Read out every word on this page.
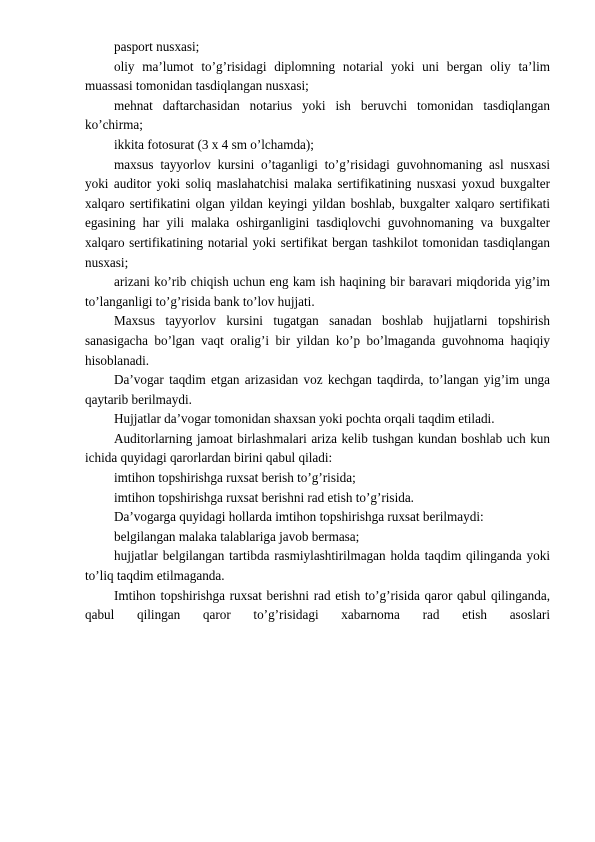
pasport nusxasi;

oliy ma’lumot to’g’risidagi diplomning notarial yoki uni bergan oliy ta’lim muassasi tomonidan tasdiqlangan nusxasi;

mehnat daftarchasidan notarius yoki ish beruvchi tomonidan tasdiqlangan ko’chirma;

ikkita fotosurat (3 x 4 sm o’lchamda);

maxsus tayyorlov kursini o’taganligi to’g’risidagi guvohnomaning asl nusxasi yoki auditor yoki soliq maslahatchisi malaka sertifikatining nusxasi yoxud buxgalter xalqaro sertifikatini olgan yildan keyingi yildan boshlab, buxgalter xalqaro sertifikati egasining har yili malaka oshirganligini tasdiqlovchi guvohnomaning va buxgalter xalqaro sertifikatining notarial yoki sertifikat bergan tashkilot tomonidan tasdiqlangan nusxasi;

arizani ko’rib chiqish uchun eng kam ish haqining bir baravari miqdorida yig’im to’langanligi to’g’risida bank to’lov hujjati.

Maxsus tayyorlov kursini tugatgan sanadan boshlab hujjatlarni topshirish sanasigacha bo’lgan vaqt oralig’i bir yildan ko’p bo’lmaganda guvohnoma haqiqiy hisoblanadi.

Da’vogar taqdim etgan arizasidan voz kechgan taqdirda, to’langan yig’im unga qaytarib berilmaydi.

Hujjatlar da’vogar tomonidan shaxsan yoki pochta orqali taqdim etiladi.

Auditorlarning jamoat birlashmalari ariza kelib tushgan kundan boshlab uch kun ichida quyidagi qarorlardan birini qabul qiladi:

imtihon topshirishga ruxsat berish to’g’risida;

imtihon topshirishga ruxsat berishni rad etish to’g’risida.

Da’vogarga quyidagi hollarda imtihon topshirishga ruxsat berilmaydi:

belgilangan malaka talablariga javob bermasa;

hujjatlar belgilangan tartibda rasmiylashtirilmagan holda taqdim qilinganda yoki to’liq taqdim etilmaganda.

Imtihon topshirishga ruxsat berishni rad etish to’g’risida qaror qabul qilinganda, qabul qilingan qaror to’g’risidagi xabarnoma rad etish asoslari
